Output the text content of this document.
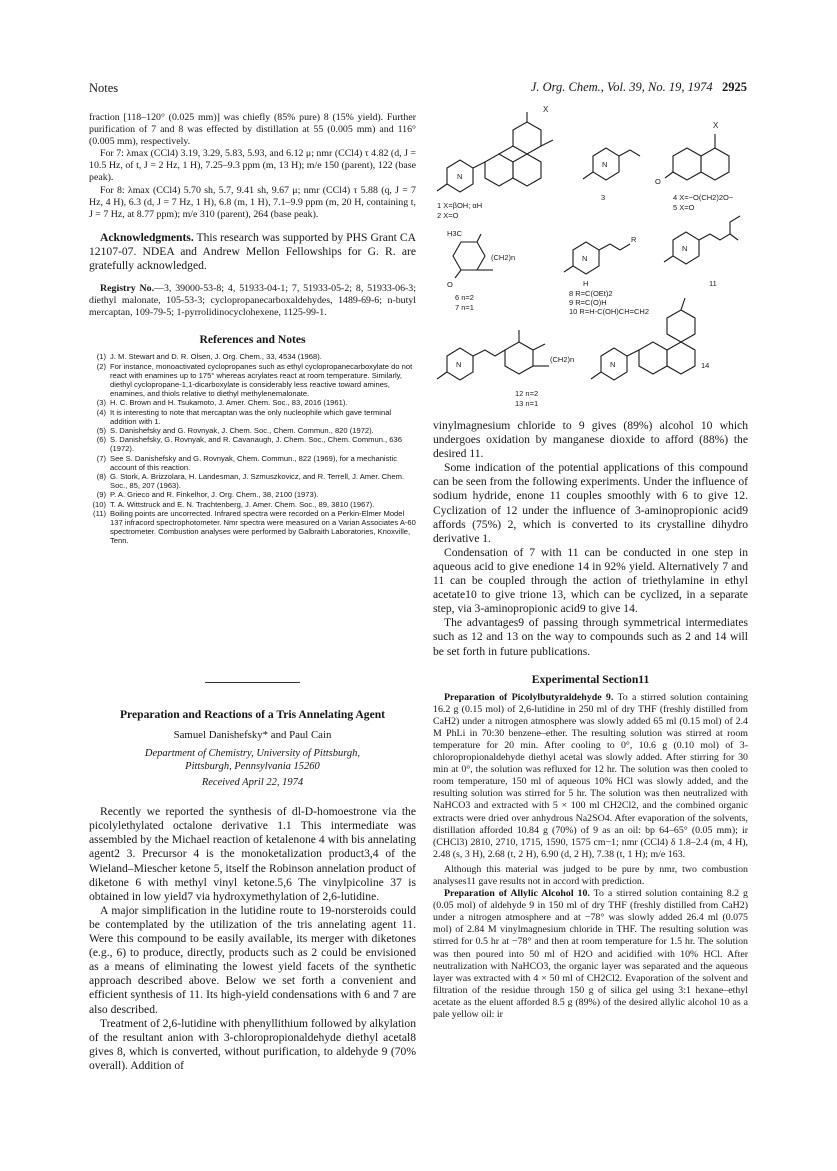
Notes	J. Org. Chem., Vol. 39, No. 19, 1974 2925

fraction [118–120° (0.025 mm)] was chiefly (85% pure) 8 (15% yield). Further purification of 7 and 8 was effected by distillation at 55 (0.005 mm) and 116° (0.005 mm), respectively.

For 7: λmax (CCl4) 3.19, 3.29, 5.83, 5.93, and 6.12 μ; nmr (CCl4) τ 4.82 (d, J = 10.5 Hz, of t, J = 2 Hz, 1 H), 7.25–9.3 ppm (m, 13 H); m/e 150 (parent), 122 (base peak).

For 8: λmax (CCl4) 5.70 sh, 5.7, 9.41 sh, 9.67 μ; nmr (CCl4) τ 5.88 (q, J = 7 Hz, 4 H), 6.3 (d, J = 7 Hz, 1 H), 6.8 (m, 1 H), 7.1–9.9 ppm (m, 20 H, containing t, J = 7 Hz, at 8.77 ppm); m/e 310 (parent), 264 (base peak).

Acknowledgments. This research was supported by PHS Grant CA 12107-07. NDEA and Andrew Mellon Fellowships for G. R. are gratefully acknowledged.

Registry No.—3, 39000-53-8; 4, 51933-04-1; 7, 51933-05-2; 8, 51933-06-3; diethyl malonate, 105-53-3; cyclopropanecarboxaldehydes, 1489-69-6; n-butyl mercaptan, 109-79-5; 1-pyrrolidinocyclohexene, 1125-99-1.

References and Notes

(1) J. M. Stewart and D. R. Olsen, J. Org. Chem., 33, 4534 (1968).
(2) For instance, monoactivated cyclopropanes such as ethyl cyclopropanecarboxylate do not react with enamines up to 175° whereas acrylates react at room temperature. Similarly, diethyl cyclopropane-1,1-dicarboxylate is considerably less reactive toward amines, enamines, and thiols relative to diethyl methylenemalonate.
(3) H. C. Brown and H. Tsukamoto, J. Amer. Chem. Soc., 83, 2016 (1961).
(4) It is interesting to note that mercaptan was the only nucleophile which gave terminal addition with 1.
(5) S. Danishefsky and G. Rovnyak, J. Chem. Soc., Chem. Commun., 820 (1972).
(6) S. Danishefsky, G. Rovnyak, and R. Cavanaugh, J. Chem. Soc., Chem. Commun., 636 (1972).
(7) See S. Danishefsky and G. Rovnyak, Chem. Commun., 822 (1969), for a mechanistic account of this reaction.
(8) G. Stork, A. Brizzolara, H. Landesman, J. Szmuszkovicz, and R. Terrell, J. Amer. Chem. Soc., 85, 207 (1963).
(9) P. A. Grieco and R. Finkelhor, J. Org. Chem., 38, 2100 (1973).
(10) T. A. Wittstruck and E. N. Trachtenberg, J. Amer. Chem. Soc., 89, 3810 (1967).
(11) Boiling points are uncorrected. Infrared spectra were recorded on a Perkin-Elmer Model 137 infracord spectrophotometer. Nmr spectra were measured on a Varian Associates A-60 spectrometer. Combustion analyses were performed by Galbraith Laboratories, Knoxville, Tenn.

Preparation and Reactions of a Tris Annelating Agent

Samuel Danishefsky* and Paul Cain

Department of Chemistry, University of Pittsburgh,

Pittsburgh, Pennsylvania 15260

Received April 22, 1974

Recently we reported the synthesis of dl-D-homoestrone via the picolylethylated octalone derivative 1.1 This intermediate was assembled by the Michael reaction of ketalenone 4 with bis annelating agent2 3. Precursor 4 is the monoketalization product3,4 of the Wieland–Miescher ketone 5, itself the Robinson annelation product of diketone 6 with methyl vinyl ketone.5,6 The vinylpicoline 37 is obtained in low yield7 via hydroxymethylation of 2,6-lutidine.

A major simplification in the lutidine route to 19-norsteroids could be contemplated by the utilization of the tris annelating agent 11. Were this compound to be easily available, its merger with diketones (e.g., 6) to produce, directly, products such as 2 could be envisioned as a means of eliminating the lowest yield facets of the synthetic approach described above. Below we set forth a convenient and efficient synthesis of 11. Its high-yield condensations with 6 and 7 are also described.

Treatment of 2,6-lutidine with phenyllithium followed by alkylation of the resultant anion with 3-chloropropionaldehyde diethyl acetal8 gives 8, which is converted, without purification, to aldehyde 9 (70% overall). Addition of

X
N
1 X=βOH; αH
2 X=O
N
3
X
O
4 X=−O(CH2)2O−
5 X=O
H3C
(CH2)n
O
6 n=2
7 n=1
R
N
H
8 R=C(OEt)2
9 R=C(O)H
10 R=H-C(OH)CH=CH2
N
11
(CH2)n
N
12 n=2
13 n=1
N	14

vinylmagnesium chloride to 9 gives (89%) alcohol 10 which undergoes oxidation by manganese dioxide to afford (88%) the desired 11.

Some indication of the potential applications of this compound can be seen from the following experiments. Under the influence of sodium hydride, enone 11 couples smoothly with 6 to give 12. Cyclization of 12 under the influence of 3-aminopropionic acid9 affords (75%) 2, which is converted to its crystalline dihydro derivative 1.

Condensation of 7 with 11 can be conducted in one step in aqueous acid to give enedione 14 in 92% yield. Alternatively 7 and 11 can be coupled through the action of triethylamine in ethyl acetate10 to give trione 13, which can be cyclized, in a separate step, via 3-aminopropionic acid9 to give 14.

The advantages9 of passing through symmetrical intermediates such as 12 and 13 on the way to compounds such as 2 and 14 will be set forth in future publications.

Experimental Section11

Preparation of Picolylbutyraldehyde 9. To a stirred solution containing 16.2 g (0.15 mol) of 2,6-lutidine in 250 ml of dry THF (freshly distilled from CaH2) under a nitrogen atmosphere was slowly added 65 ml (0.15 mol) of 2.4 M PhLi in 70:30 benzene–ether. The resulting solution was stirred at room temperature for 20 min. After cooling to 0°, 10.6 g (0.10 mol) of 3-chloropropionaldehyde diethyl acetal was slowly added. After stirring for 30 min at 0°, the solution was refluxed for 12 hr. The solution was then cooled to room temperature, 150 ml of aqueous 10% HCl was slowly added, and the resulting solution was stirred for 5 hr. The solution was then neutralized with NaHCO3 and extracted with 5 × 100 ml CH2Cl2, and the combined organic extracts were dried over anhydrous Na2SO4. After evaporation of the solvents, distillation afforded 10.84 g (70%) of 9 as an oil: bp 64–65° (0.05 mm); ir (CHCl3) 2810, 2710, 1715, 1590, 1575 cm−1; nmr (CCl4) δ 1.8–2.4 (m, 4 H), 2.48 (s, 3 H), 2.68 (t, 2 H), 6.90 (d, 2 H), 7.38 (t, 1 H); m/e 163.

Although this material was judged to be pure by nmr, two combustion analyses11 gave results not in accord with prediction.

Preparation of Allylic Alcohol 10. To a stirred solution containing 8.2 g (0.05 mol) of aldehyde 9 in 150 ml of dry THF (freshly distilled from CaH2) under a nitrogen atmosphere and at −78° was slowly added 26.4 ml (0.075 mol) of 2.84 M vinylmagnesium chloride in THF. The resulting solution was stirred for 0.5 hr at −78° and then at room temperature for 1.5 hr. The solution was then poured into 50 ml of H2O and acidified with 10% HCl. After neutralization with NaHCO3, the organic layer was separated and the aqueous layer was extracted with 4 × 50 ml of CH2Cl2. Evaporation of the solvent and filtration of the residue through 150 g of silica gel using 3:1 hexane–ethyl acetate as the eluent afforded 8.5 g (89%) of the desired allylic alcohol 10 as a pale yellow oil: ir
